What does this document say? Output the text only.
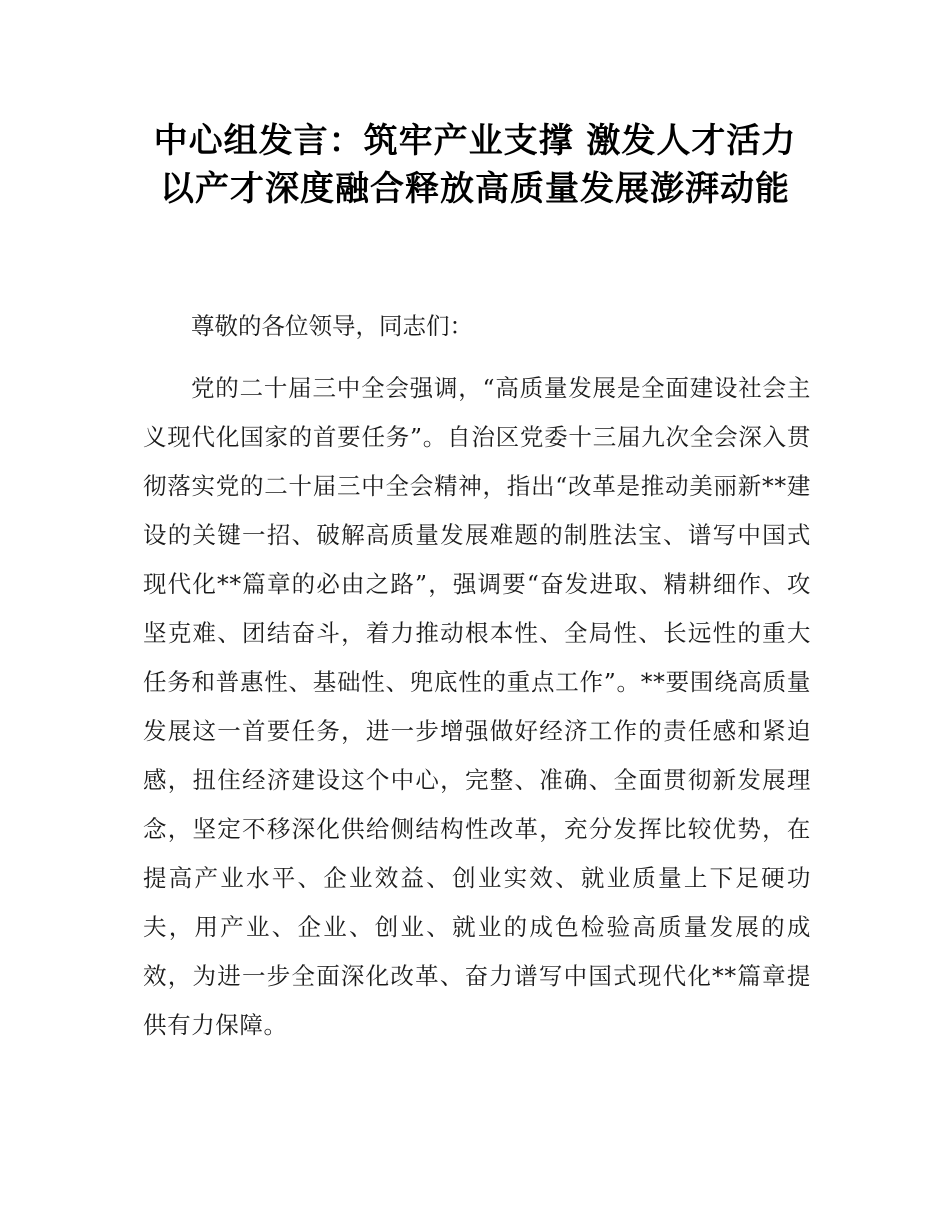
中心组发言：筑牢产业支撑 激发人才活力
以产才深度融合释放高质量发展澎湃动能
尊敬的各位领导，同志们：
党的二十届三中全会强调，“高质量发展是全面建设社会主义现代化国家的首要任务”。自治区党委十三届九次全会深入贯彻落实党的二十届三中全会精神，指出“改革是推动美丽新**建设的关键一招、破解高质量发展难题的制胜法宝、谱写中国式现代化**篇章的必由之路”，强调要“奋发进取、精耕细作、攻坚克难、团结奋斗，着力推动根本性、全局性、长远性的重大任务和普惠性、基础性、兜底性的重点工作”。**要围绕高质量发展这一首要任务，进一步增强做好经济工作的责任感和紧迫感，扭住经济建设这个中心，完整、准确、全面贯彻新发展理念，坚定不移深化供给侧结构性改革，充分发挥比较优势，在提高产业水平、企业效益、创业实效、就业质量上下足硬功夫，用产业、企业、创业、就业的成色检验高质量发展的成效，为进一步全面深化改革、奋力谱写中国式现代化**篇章提供有力保障。
